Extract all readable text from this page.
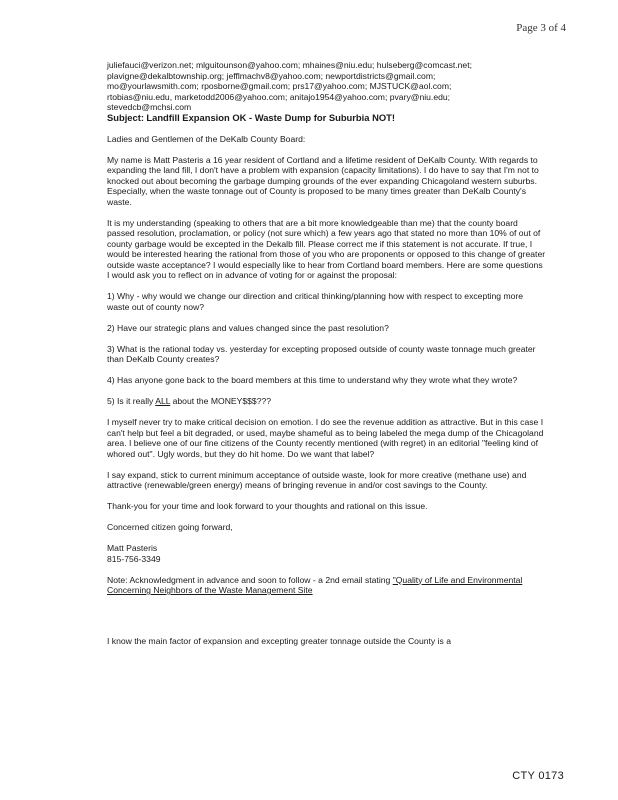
Page 3 of 4
juliefauci@verizon.net; mlguitounson@yahoo.com; mhaines@niu.edu; hulseberg@comcast.net;
plavigne@dekalbtownship.org; jefflmachv8@yahoo.com; newportdistricts@gmail.com;
mo@yourlawsmith.com; rposborne@gmail.com; prs17@yahoo.com; MJSTUCK@aol.com;
rtobias@niu.edu, marketodd2006@yahoo.com; anitajo1954@yahoo.com; pvary@niu.edu;
stevedcb@mchsi.com
Subject: Landfill Expansion OK - Waste Dump for Suburbia NOT!

Ladies and Gentlemen of the DeKalb County Board:

My name is Matt Pasteris a 16 year resident of Cortland and a lifetime resident of DeKalb County. With regards to expanding the land fill, I don't have a problem with expansion (capacity limitations). I do have to say that I'm not to knocked out about becoming the garbage dumping grounds of the ever expanding Chicagoland western suburbs. Especially, when the waste tonnage out of County is proposed to be many times greater than DeKalb County's waste.

It is my understanding (speaking to others that are a bit more knowledgeable than me) that the county board passed resolution, proclamation, or policy (not sure which) a few years ago that stated no more than 10% of out of county garbage would be excepted in the Dekalb fill. Please correct me if this statement is not accurate. If true, I would be interested hearing the rational from those of you who are proponents or opposed to this change of greater outside waste acceptance? I would especially like to hear from Cortland board members. Here are some questions I would ask you to reflect on in advance of voting for or against the proposal:

1) Why - why would we change our direction and critical thinking/planning how with respect to excepting more waste out of county now?

2) Have our strategic plans and values changed since the past resolution?

3) What is the rational today vs. yesterday for excepting proposed outside of county waste tonnage much greater than DeKalb County creates?

4) Has anyone gone back to the board members at this time to understand why they wrote what they wrote?

5) Is it really ALL about the MONEY$$$???

I myself never try to make critical decision on emotion. I do see the revenue addition as attractive. But in this case I can't help but feel a bit degraded, or used, maybe shameful as to being labeled the mega dump of the Chicagoland area. I believe one of our fine citizens of the County recently mentioned (with regret) in an editorial "feeling kind of whored out". Ugly words, but they do hit home. Do we want that label?

I say expand, stick to current minimum acceptance of outside waste, look for more creative (methane use) and attractive (renewable/green energy) means of bringing revenue in and/or cost savings to the County.

Thank-you for your time and look forward to your thoughts and rational on this issue.

Concerned citizen going forward,

Matt Pasteris
815-756-3349

Note: Acknowledgment in advance and soon to follow - a 2nd email stating "Quality of Life and Environmental Concerning Neighbors of the Waste Management Site

I know the main factor of expansion and excepting greater tonnage outside the County is a

CTY 0173
